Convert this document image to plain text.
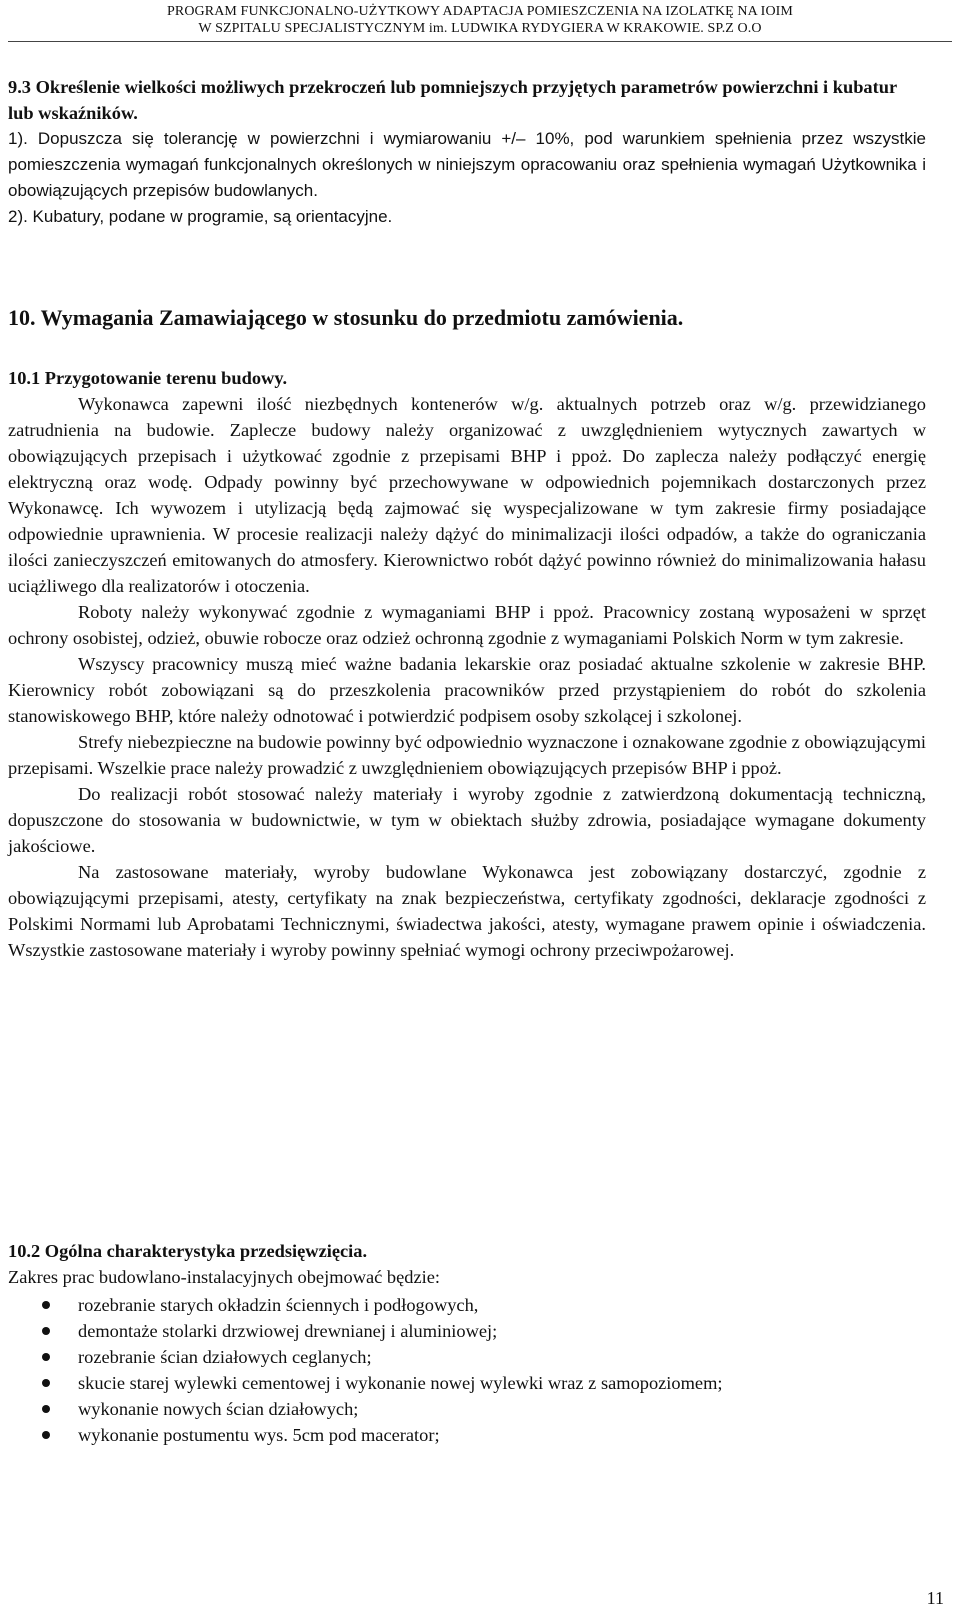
PROGRAM FUNKCJONALNO-UŻYTKOWY ADAPTACJA POMIESZCZENIA NA IZOLATKĘ NA IOIM
W SZPITALU SPECJALISTYCZNYM im. LUDWIKA RYDYGIERA W KRAKOWIE. SP.Z O.O

9.3 Określenie wielkości możliwych przekroczeń lub pomniejszych przyjętych parametrów powierzchni i kubatur lub wskaźników.

1). Dopuszcza się tolerancję w powierzchni i wymiarowaniu +/– 10%, pod warunkiem spełnienia przez wszystkie pomieszczenia wymagań funkcjonalnych określonych w niniejszym opracowaniu oraz spełnienia wymagań Użytkownika i obowiązujących przepisów budowlanych.

2). Kubatury, podane w programie, są orientacyjne.

10. Wymagania Zamawiającego w stosunku do przedmiotu zamówienia.

10.1 Przygotowanie terenu budowy.

Wykonawca zapewni ilość niezbędnych kontenerów w/g. aktualnych potrzeb oraz w/g. przewidzianego zatrudnienia na budowie. Zaplecze budowy należy organizować z uwzględnieniem wytycznych zawartych w obowiązujących przepisach i użytkować zgodnie z przepisami BHP i ppoż. Do zaplecza należy podłączyć energię elektryczną oraz wodę. Odpady powinny być przechowywane w odpowiednich pojemnikach dostarczonych przez Wykonawcę. Ich wywozem i utylizacją będą zajmować się wyspecjalizowane w tym zakresie firmy posiadające odpowiednie uprawnienia. W procesie realizacji należy dążyć do minimalizacji ilości odpadów, a także do ograniczania ilości zanieczyszczeń emitowanych do atmosfery. Kierownictwo robót dążyć powinno również do minimalizowania hałasu uciążliwego dla realizatorów i otoczenia.

Roboty należy wykonywać zgodnie z wymaganiami BHP i ppoż. Pracownicy zostaną wyposażeni w sprzęt ochrony osobistej, odzież, obuwie robocze oraz odzież ochronną zgodnie z wymaganiami Polskich Norm w tym zakresie.

Wszyscy pracownicy muszą mieć ważne badania lekarskie oraz posiadać aktualne szkolenie w zakresie BHP. Kierownicy robót zobowiązani są do przeszkolenia pracowników przed przystąpieniem do robót do szkolenia stanowiskowego BHP, które należy odnotować i potwierdzić podpisem osoby szkolącej i szkolonej.

Strefy niebezpieczne na budowie powinny być odpowiednio wyznaczone i oznakowane zgodnie z obowiązującymi przepisami. Wszelkie prace należy prowadzić z uwzględnieniem obowiązujących przepisów BHP i ppoż.

Do realizacji robót stosować należy materiały i wyroby zgodnie z zatwierdzoną dokumentacją techniczną, dopuszczone do stosowania w budownictwie, w tym w obiektach służby zdrowia, posiadające wymagane dokumenty jakościowe.

Na zastosowane materiały, wyroby budowlane Wykonawca jest zobowiązany dostarczyć, zgodnie z obowiązującymi przepisami, atesty, certyfikaty na znak bezpieczeństwa, certyfikaty zgodności, deklaracje zgodności z Polskimi Normami lub Aprobatami Technicznymi, świadectwa jakości, atesty, wymagane prawem opinie i oświadczenia. Wszystkie zastosowane materiały i wyroby powinny spełniać wymogi ochrony przeciwpożarowej.

10.2 Ogólna charakterystyka przedsięwzięcia.

Zakres prac budowlano-instalacyjnych obejmować będzie:

rozebranie starych okładzin ściennych i podłogowych,
demontaże stolarki drzwiowej drewnianej i aluminiowej;
rozebranie ścian działowych ceglanych;
skucie starej wylewki cementowej i wykonanie nowej wylewki wraz z samopoziomem;
wykonanie nowych ścian działowych;
wykonanie postumentu wys. 5cm pod macerator;
11
